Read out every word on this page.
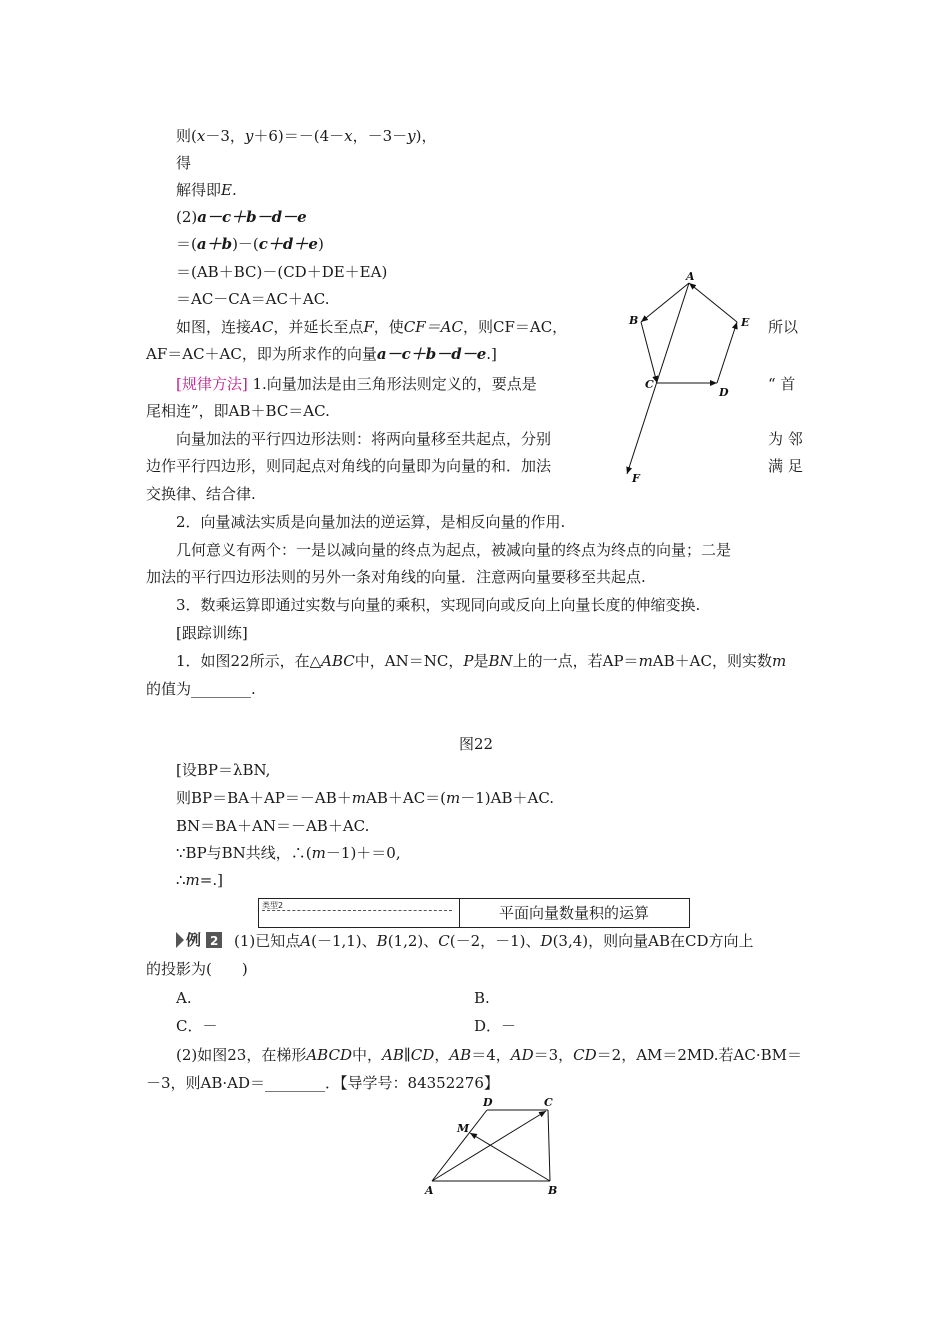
则(x－3，y＋6)＝－(4－x，－3－y)，
得
解得即E.
(2)a－c＋b－d－e
＝(a＋b)－(c＋d＋e)
＝(AB＋BC)－(CD＋DE＋EA)
＝AC－CA＝AC＋AC.
如图，连接AC，并延长至点F，使CF＝AC，则CF＝AC，	所以
AF＝AC＋AC，即为所求作的向量a－c＋b－d－e.]
[规律方法] 1.向量加法是由三角形法则定义的，要点是	“ 首
尾相连”，即AB＋BC＝AC.
向量加法的平行四边形法则：将两向量移至共起点，分别	为 邻
边作平行四边形，则同起点对角线的向量即为向量的和．加法	满 足
交换律、结合律.
2．向量减法实质是向量加法的逆运算，是相反向量的作用.
几何意义有两个：一是以减向量的终点为起点，被减向量的终点为终点的向量；二是
加法的平行四边形法则的另外一条对角线的向量．注意两向量要移至共起点.
3．数乘运算即通过实数与向量的乘积，实现同向或反向上向量长度的伸缩变换.
A
B	E
C
D
F
[跟踪训练]
1．如图22所示，在△ABC中，AN＝NC，P是BN上的一点，若AP＝mAB＋AC，则实数m
的值为________.
图22
[设BP＝λBN,
则BP＝BA＋AP＝－AB＋mAB＋AC＝(m－1)AB＋AC.
BN＝BA＋AN＝－AB＋AC.
∵BP与BN共线，∴(m－1)＋＝0,
∴m=.]
类型2	平面向量数量积的运算
例 2 (1)已知点A(－1,1)、B(1,2)、C(－2，－1)、D(3,4)，则向量AB在CD方向上
的投影为(　　)
A.	B.
C．－	D．－
(2)如图23，在梯形ABCD中，AB∥CD，AB＝4，AD＝3，CD＝2，AM＝2MD.若AC·BM＝
－3，则AB·AD＝________．【导学号：84352276】
D	C
M
A	B
